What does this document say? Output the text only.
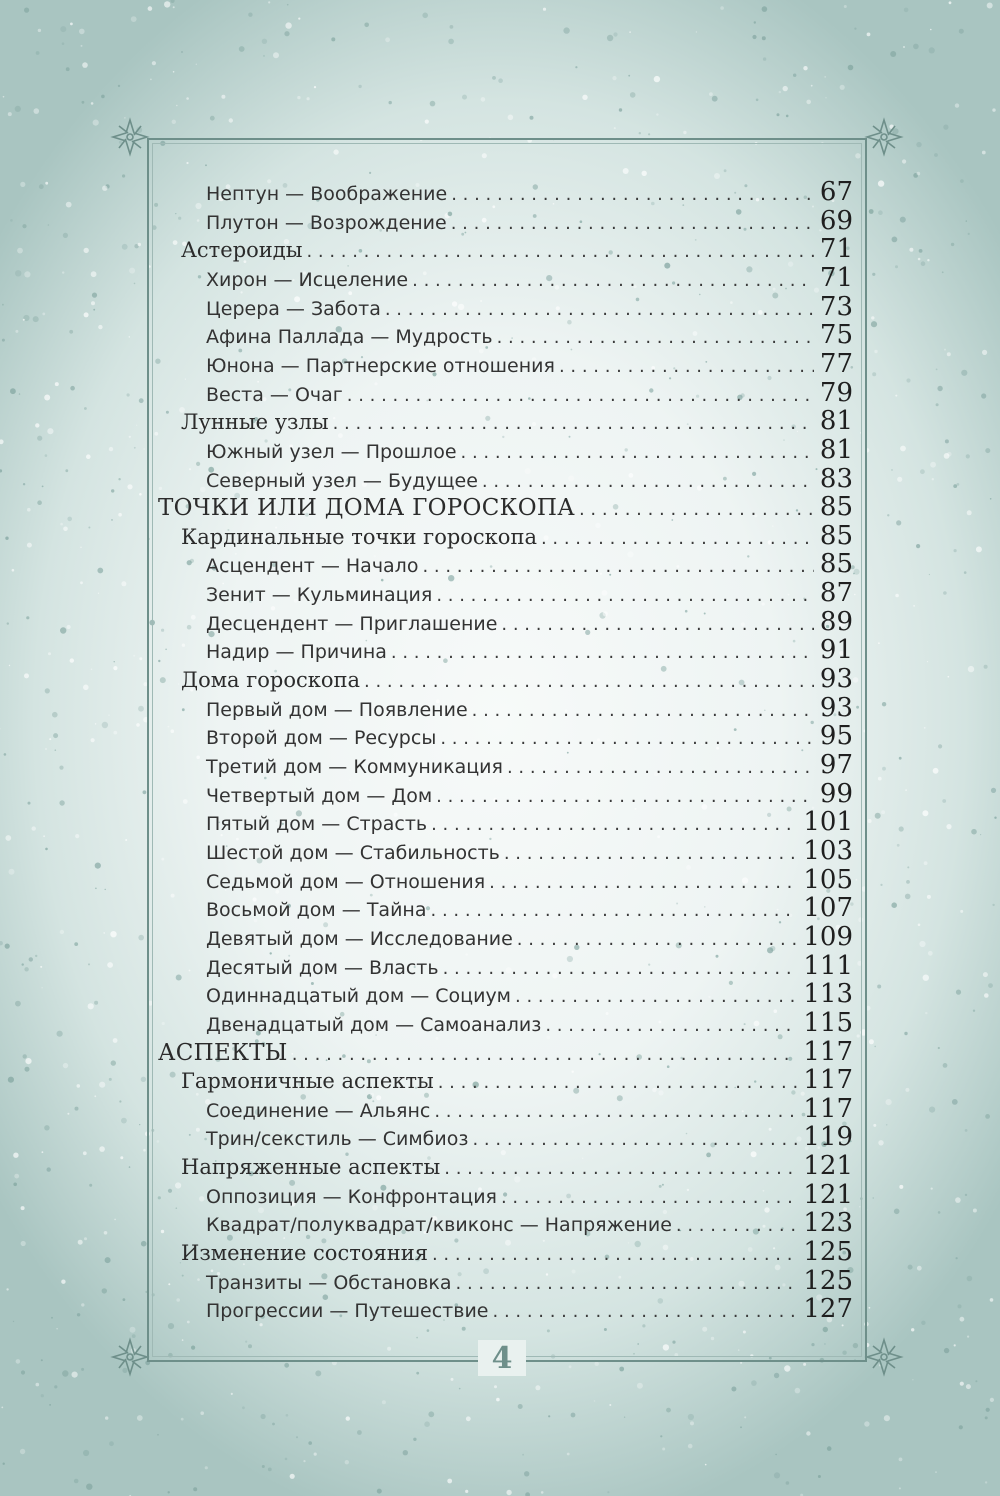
4
Нептун — Воображение . . .	67
Плутон — Возрождение . . .	69
Астероиды . . .	71
Хирон — Исцеление . . .	71
Церера — Забота . . .	73
Афина Паллада — Мудрость . . .	75
Юнона — Партнерские отношения . . .	77
Веста — Очаг . . .	79
Лунные узлы . . .	81
Южный узел — Прошлое . . .	81
Северный узел — Будущее . . .	83
ТОЧКИ ИЛИ ДОМА ГОРОСКОПА . . .	85
Кардинальные точки гороскопа . . .	85
Асцендент — Начало . . .	85
Зенит — Кульминация . . .	87
Десцендент — Приглашение . . .	89
Надир — Причина . . .	91
Дома гороскопа . . .	93
Первый дом — Появление . . .	93
Второй дом — Ресурсы . . .	95
Третий дом — Коммуникация . . .	97
Четвертый дом — Дом . . .	99
Пятый дом — Страсть . . .	101
Шестой дом — Стабильность . . .	103
Седьмой дом — Отношения . . .	105
Восьмой дом — Тайна . . .	107
Девятый дом — Исследование . . .	109
Десятый дом — Власть . . .	111
Одиннадцатый дом — Социум . . .	113
Двенадцатый дом — Самоанализ . . .	115
АСПЕКТЫ . . .	117
Гармоничные аспекты . . .	117
Соединение — Альянс . . .	117
Трин/секстиль — Симбиоз . . .	119
Напряженные аспекты . . .	121
Оппозиция — Конфронтация . . .	121
Квадрат/полуквадрат/квиконс — Напряжение . . .	123
Изменение состояния . . .	125
Транзиты — Обстановка . . .	125
Прогрессии — Путешествие . . .	127
